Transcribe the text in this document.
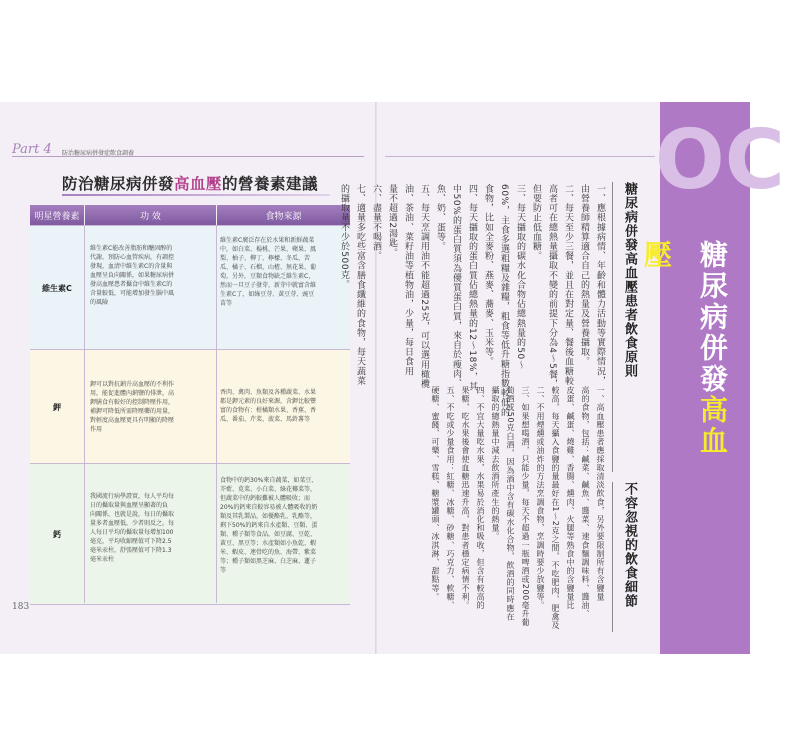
Part 4 防治糖尿病併發症飲食調養
防治糖尿病併發高血壓的營養素建議
明星營養素	功 效	食物來源
維生素C
維生素C能改善脂肪和醣固醇的
代謝，預防心血管疾病，有調控
發現，血清中維生素C的含量與
血壓呈負向關係，如果糖尿病併
發高血壓患者攝食中維生素C的
含量較低，可能增加發生腦中風
的風險
維生素C廣泛存在於水果和新鮮蔬菜
中，如白菜、楊桃、芒果、蘋果、鳳
梨、柚子、柳丁、檸檬、冬瓜、苦
瓜、橘子、石榴、山楂、無花果、葡
萄，另外，豆類食物缺乏維生素C，
然而一旦豆子發芽，新芽中就富含維
生素C了，如綠豆芽、黃豆芽、豌豆
苗等
鉀
鉀可以對抗鈉升高血壓的不利作
用，能促進體內鈉鹽的排泄，高
鉀膳食有較好的控制降壓作用，
補鉀可降低所需降壓藥的用量，
對輕度高血壓更具有明顯的降壓
作用
香肉、禽肉、魚類及各種蔬菜、水果
都是鉀元素的良好來源，含鉀比較豐
富的食物有：柑橘類水果、香蕉、香
瓜、番茄、芹菜、菠菜、馬鈴薯等
鈣
我國流行病學證實，每人平均每
日的攝取量與血壓呈顯著的負
向關係，也就是說，每日的攝取
量多者血壓低，少者則反之。每
人每日平均的攝取量每增加100
毫克，平均收縮壓值可下降2.5
毫米汞柱，舒張壓值可下降1.3
毫米汞柱
食物中的鈣30%來自蔬菜，如菜豆、
芥藍、莧菜、小白菜、綠花椰菜等，
但蔬菜中的鈣較難被人體吸收；而
20%的鈣來自較容易被人體吸收的奶
類及其乳製品，如優酪乳、乳酪等，
剩下50%的鈣來自水產類、豆類、蛋
類、種子類等食品，如豆腐、豆乾、
黃豆、黑豆等；水產類如小魚乾、蝦
米、蝦皮、連骨吃的魚、海帶、紫菜
等；種子類如黑芝麻、白芝麻、蓮子
等
183
OC
糖尿病併發高血壓
糖尿病併發高血壓患者飲食原則
一、應根據病情、年齡和體力活動等實際情況，
由營養師精算適合自己的熱量及營養攝取。
二、每天至少三餐，並且在對定量、餐後血糖較
高者可在總熱量攝取不變的前提下分為4～5餐，
但要防止低血糖。
三、每天攝取的碳水化合物佔總熱量的50～
60%，主食多選粗糧及雜糧，粗食等低升糖指數較低的
食物，比如全麥粉、燕麥、蕎麥、玉米等。
四、每天攝取的蛋白質佔總熱量的12～18%，其
中50%的蛋白質須為優質蛋白質，來自於瘦肉、
魚、奶、蛋等。
五、每天烹調用油不能超過25克，可以選用橄欖
油、茶油、菜籽油等植物油，少量，每日食用
量不超過2湯匙。
六、盡量不喝酒。
七、適量多吃些富含膳食纖維的食物，每天蔬菜
的攝取量不少於500克。
不容忽視的飲食細節
一、高血壓患者應採取清淡飲食，另外要限制所有含鹽量
高的食物，包括：鹹菜、鹹魚、醬菜、速食麵調味料、醬油、
皮蛋、鹹蛋、燒雞、香腸、燻肉、火腿等熟食中的含鹽量比
較高，每天攝入食鹽的量最好在1～2克之間，不吃肥肉、肥禽及
二、不用煙燻或油炸的方法烹調食物，烹調時要少放鹽等。
三、如果想喝酒，只能少量，每天不超過一瓶啤酒或200毫升葡
萄酒或50克白酒，因為酒中含有碳水化合物，飲酒的同時應在
攝取的總熱量中減去飲酒所產生的熱量。
四、不宜大量吃水果，水果易於消化和吸收，但含有較高的
果糖，吃水果後會使血糖迅速升高，對患者穩定病情不利。
五、不吃或少量食用：紅糖、冰糖、砂糖、巧克力、軟糖、
硬糖、蜜餞、可樂、雪糕、糖漿罐頭、冰淇淋、甜點等。
